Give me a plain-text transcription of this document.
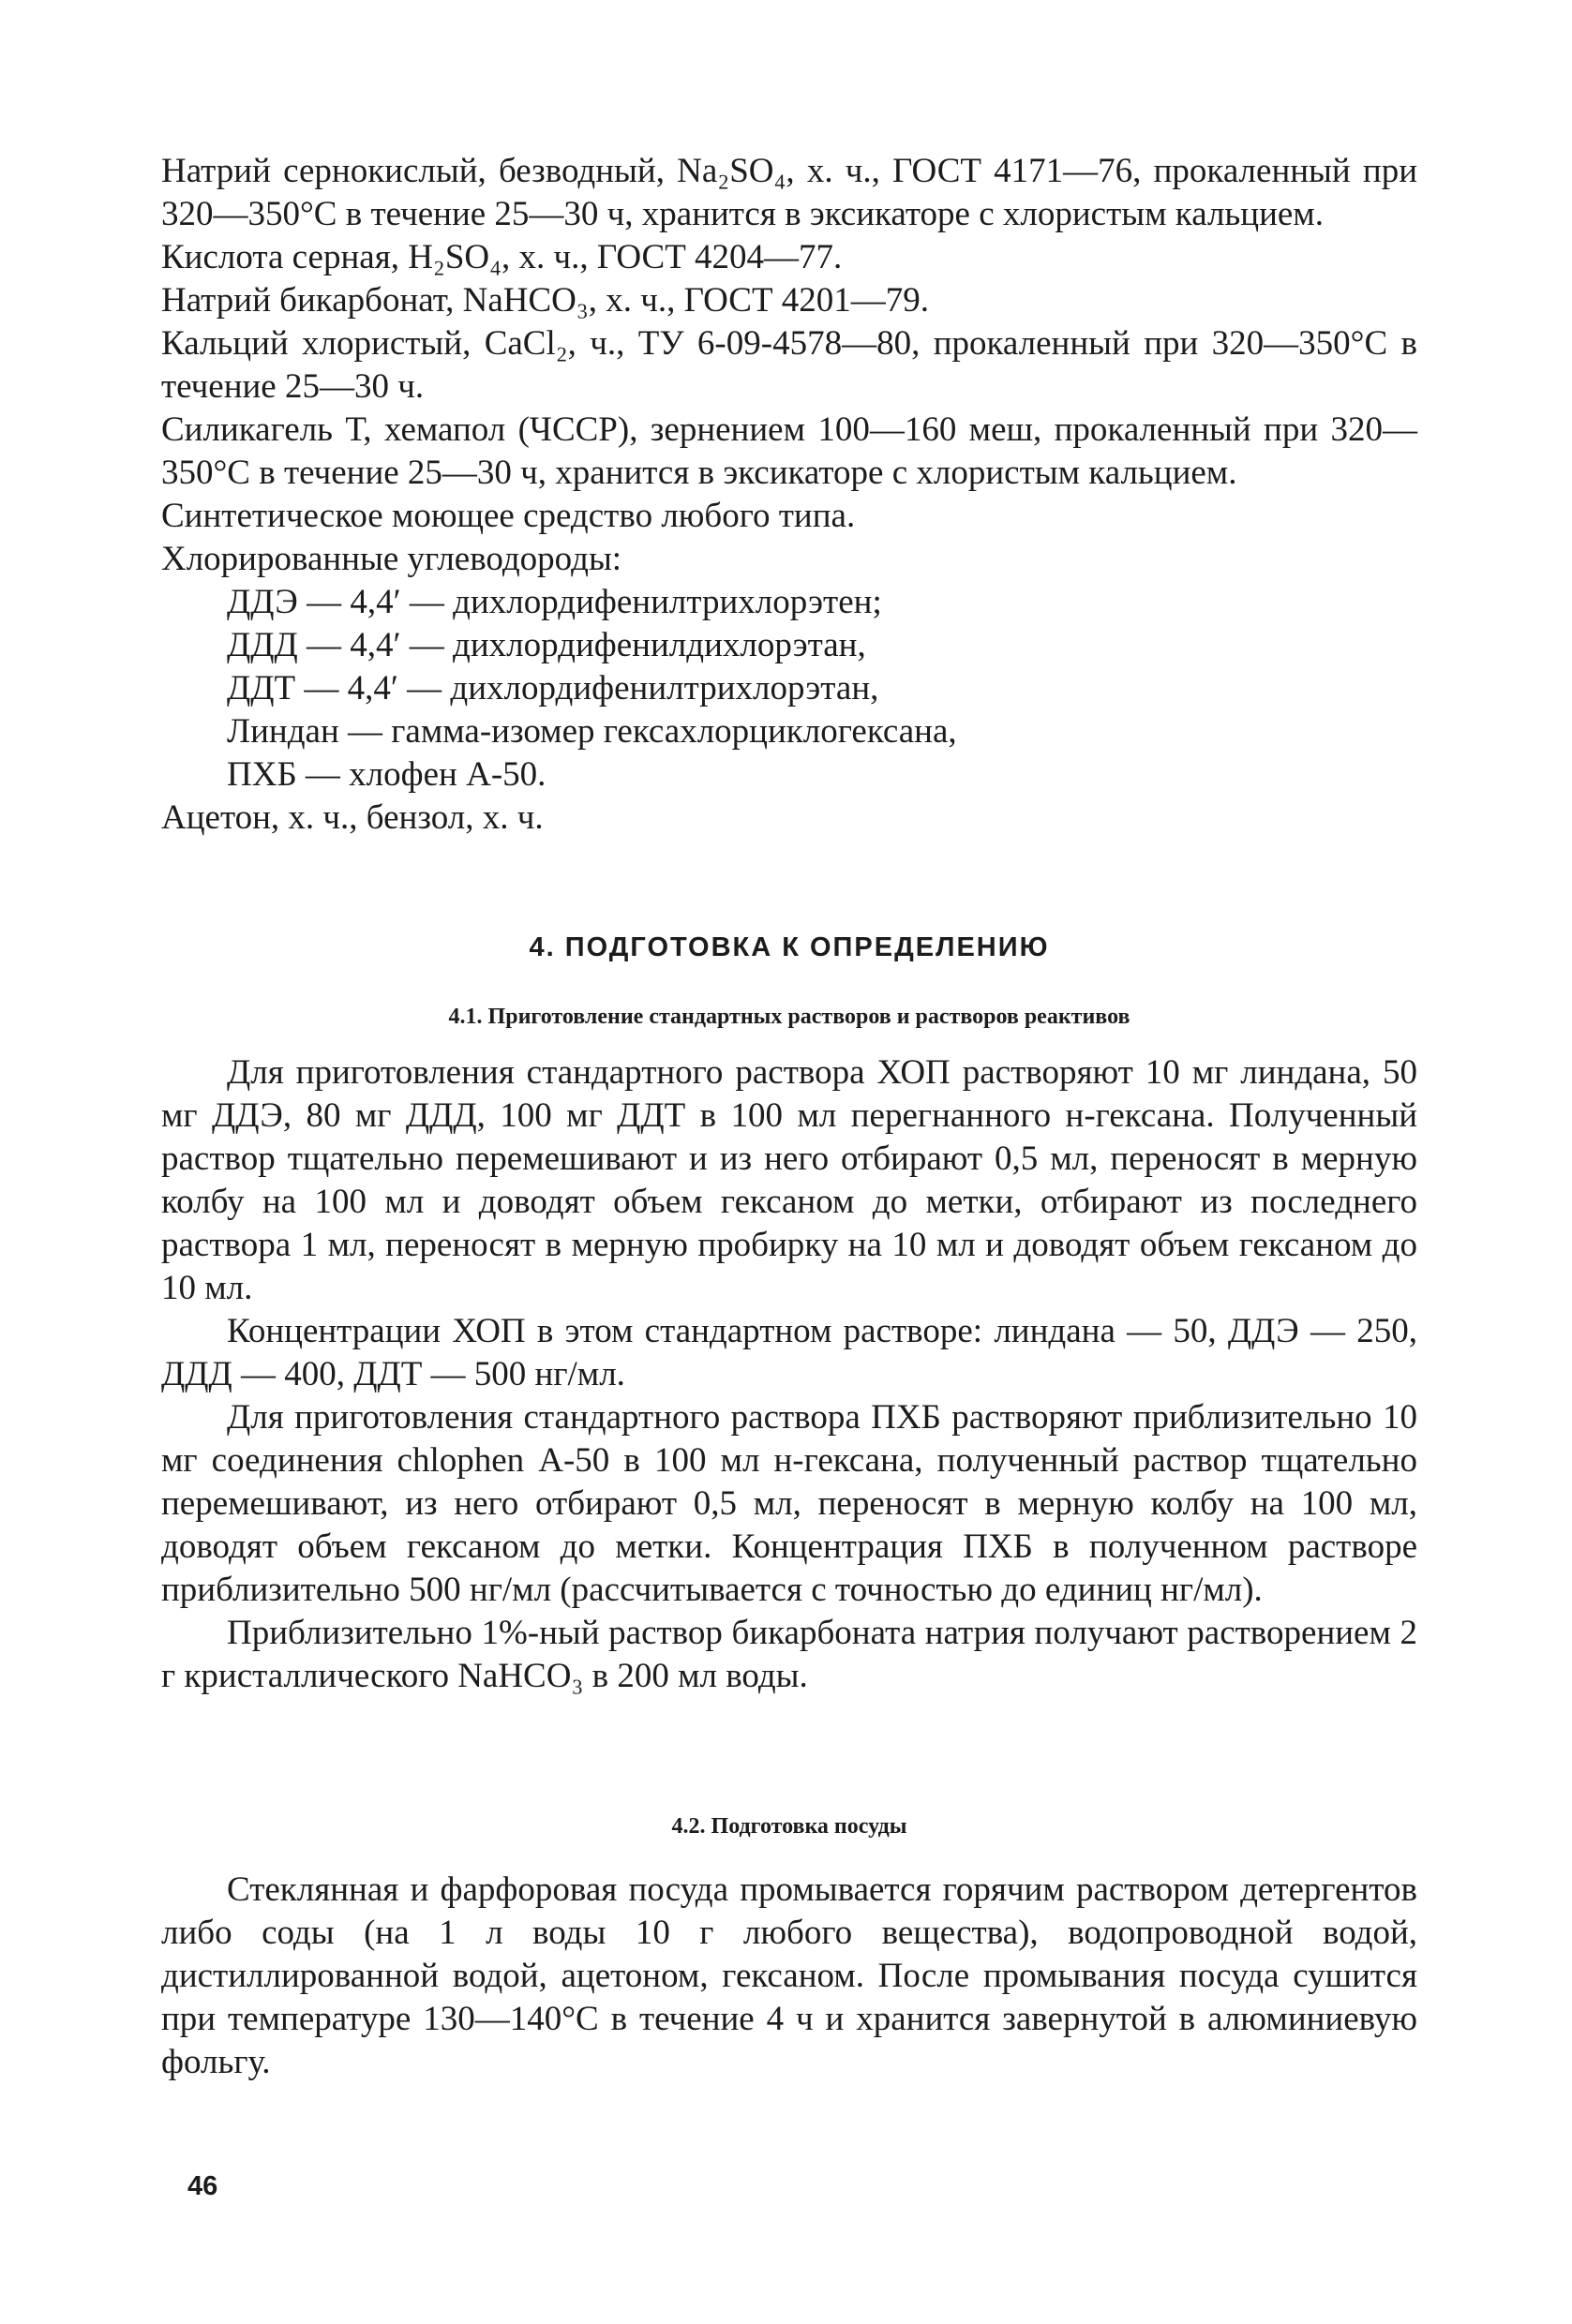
Натрий сернокислый, безводный, Na₂SO₄, х. ч., ГОСТ 4171—76, прокаленный при 320—350°С в течение 25—30 ч, хранится в эксикаторе с хлористым кальцием.

Кислота серная, H₂SO₄, х. ч., ГОСТ 4204—77.

Натрий бикарбонат, NaHCO₃, х. ч., ГОСТ 4201—79.

Кальций хлористый, CaCl₂, ч., ТУ 6-09-4578—80, прокаленный при 320—350°С в течение 25—30 ч.

Силикагель Т, хемапол (ЧССР), зернением 100—160 меш, прокаленный при 320—350°С в течение 25—30 ч, хранится в эксикаторе с хлористым кальцием.

Синтетическое моющее средство любого типа.

Хлорированные углеводороды:

ДДЭ — 4,4′ — дихлордифенилтрихлорэтен;

ДДД — 4,4′ — дихлордифенилдихлорэтан,

ДДТ — 4,4′ — дихлордифенилтрихлорэтан,

Линдан — гамма-изомер гексахлорциклогексана,

ПХБ — хлофен А-50.

Ацетон, х. ч., бензол, х. ч.

4. ПОДГОТОВКА К ОПРЕДЕЛЕНИЮ
4.1. Приготовление стандартных растворов и растворов реактивов

Для приготовления стандартного раствора ХОП растворяют 10 мг линдана, 50 мг ДДЭ, 80 мг ДДД, 100 мг ДДТ в 100 мл перегнанного н-гексана. Полученный раствор тщательно перемешивают и из него отбирают 0,5 мл, переносят в мерную колбу на 100 мл и доводят объем гексаном до метки, отбирают из последнего раствора 1 мл, переносят в мерную пробирку на 10 мл и доводят объем гексаном до 10 мл.

Концентрации ХОП в этом стандартном растворе: линдана — 50, ДДЭ — 250, ДДД — 400, ДДТ — 500 нг/мл.

Для приготовления стандартного раствора ПХБ растворяют приблизительно 10 мг соединения chlophen А-50 в 100 мл н-гексана, полученный раствор тщательно перемешивают, из него отбирают 0,5 мл, переносят в мерную колбу на 100 мл, доводят объем гексаном до метки. Концентрация ПХБ в полученном растворе приблизительно 500 нг/мл (рассчитывается с точностью до единиц нг/мл).

Приблизительно 1%-ный раствор бикарбоната натрия получают растворением 2 г кристаллического NaHCO₃ в 200 мл воды.

4.2. Подготовка посуды

Стеклянная и фарфоровая посуда промывается горячим раствором детергентов либо соды (на 1 л воды 10 г любого вещества), водопроводной водой, дистиллированной водой, ацетоном, гексаном. После промывания посуда сушится при температуре 130—140°С в течение 4 ч и хранится завернутой в алюминиевую фольгу.

46
